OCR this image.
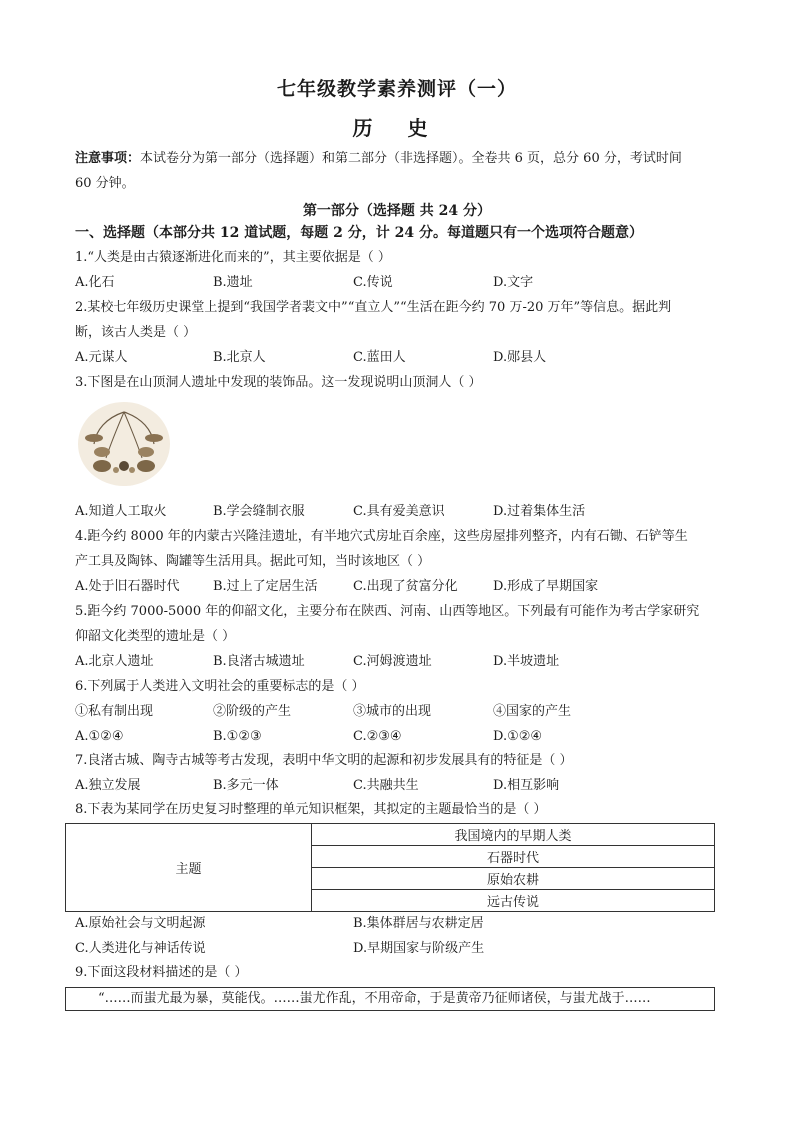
七年级教学素养测评（一）
历 史
注意事项：本试卷分为第一部分（选择题）和第二部分（非选择题）。全卷共 6 页，总分 60 分，考试时间
60 分钟。
第一部分（选择题 共 24 分）
一、选择题（本部分共 12 道试题，每题 2 分，计 24 分。每道题只有一个选项符合题意）
1.“人类是由古猿逐渐进化而来的”，其主要依据是（ ）
A.化石	B.遗址	C.传说	D.文字
2.某校七年级历史课堂上提到“我国学者裴文中”“直立人”“生活在距今约 70 万-20 万年”等信息。据此判
断，该古人类是（ ）
A.元谋人	B.北京人	C.蓝田人	D.郧县人
3.下图是在山顶洞人遗址中发现的装饰品。这一发现说明山顶洞人（ ）
A.知道人工取火	B.学会缝制衣服	C.具有爱美意识	D.过着集体生活
4.距今约 8000 年的内蒙古兴隆洼遗址，有半地穴式房址百余座，这些房屋排列整齐，内有石锄、石铲等生
产工具及陶钵、陶罐等生活用具。据此可知，当时该地区（ ）
A.处于旧石器时代	B.过上了定居生活	C.出现了贫富分化	D.形成了早期国家
5.距今约 7000-5000 年的仰韶文化，主要分布在陕西、河南、山西等地区。下列最有可能作为考古学家研究
仰韶文化类型的遗址是（ ）
A.北京人遗址	B.良渚古城遗址	C.河姆渡遗址	D.半坡遗址
6.下列属于人类进入文明社会的重要标志的是（ ）
①私有制出现	②阶级的产生	③城市的出现	④国家的产生
A.①②④	B.①②③	C.②③④	D.①②④
7.良渚古城、陶寺古城等考古发现，表明中华文明的起源和初步发展具有的特征是（ ）
A.独立发展	B.多元一体	C.共融共生	D.相互影响
8.下表为某同学在历史复习时整理的单元知识框架，其拟定的主题最恰当的是（ ）
主题	我国境内的早期人类
石器时代
原始农耕
远古传说
A.原始社会与文明起源	B.集体群居与农耕定居
C.人类进化与神话传说	D.早期国家与阶级产生
9.下面这段材料描述的是（ ）
“……而蚩尤最为暴，莫能伐。……蚩尤作乱，不用帝命，于是黄帝乃征师诸侯，与蚩尤战于……
